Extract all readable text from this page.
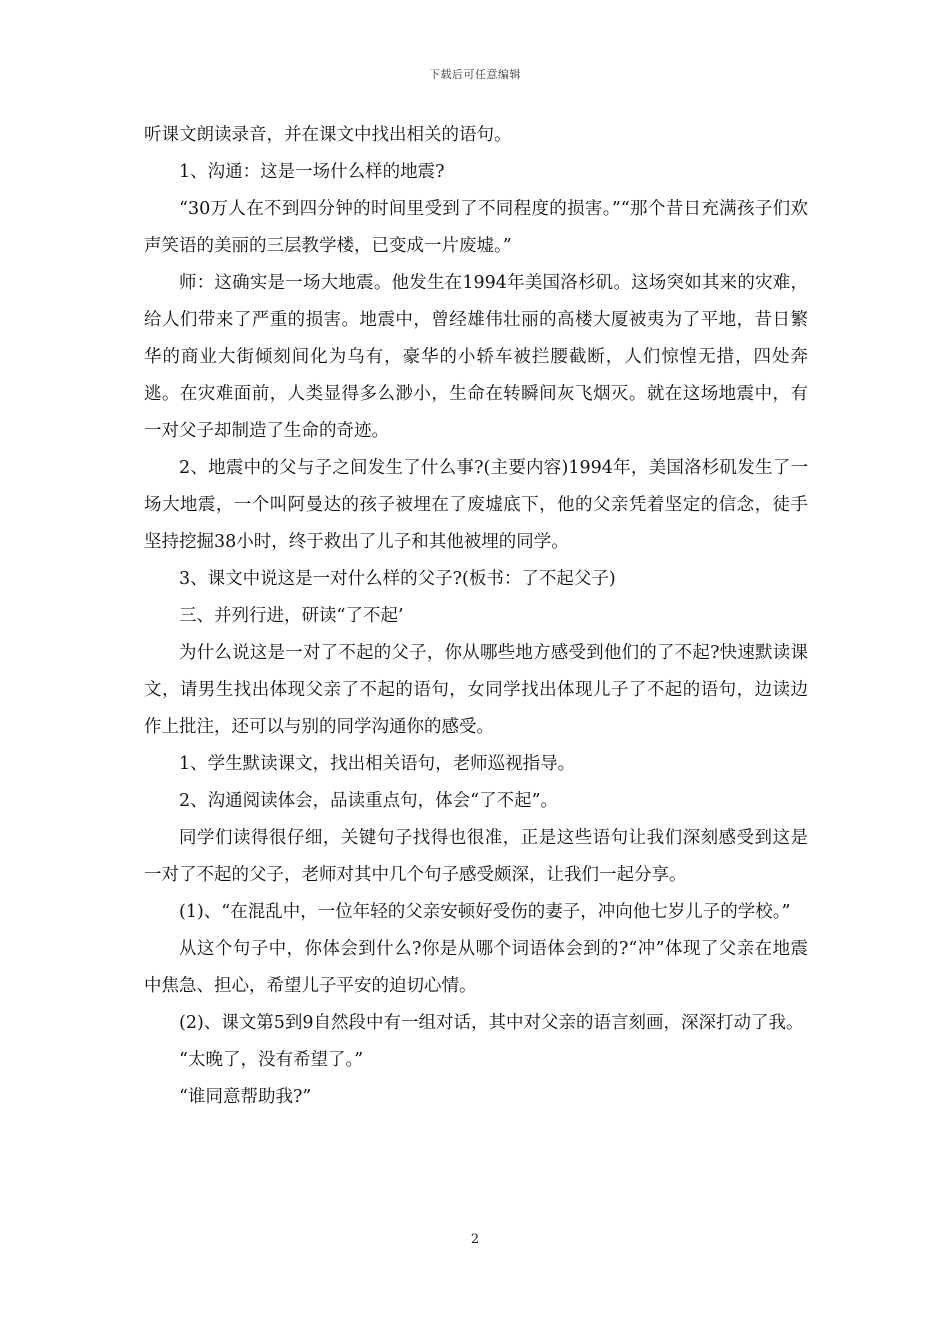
下载后可任意编辑

听课文朗读录音，并在课文中找出相关的语句。

1、沟通：这是一场什么样的地震?

“30万人在不到四分钟的时间里受到了不同程度的损害。”“那个昔日充满孩子们欢声笑语的美丽的三层教学楼，已变成一片废墟。”

师：这确实是一场大地震。他发生在1994年美国洛杉矶。这场突如其来的灾难，给人们带来了严重的损害。地震中，曾经雄伟壮丽的高楼大厦被夷为了平地，昔日繁华的商业大街倾刻间化为乌有，豪华的小轿车被拦腰截断，人们惊惶无措，四处奔逃。在灾难面前，人类显得多么渺小，生命在转瞬间灰飞烟灭。就在这场地震中，有一对父子却制造了生命的奇迹。

2、地震中的父与子之间发生了什么事?(主要内容)1994年，美国洛杉矶发生了一场大地震，一个叫阿曼达的孩子被埋在了废墟底下，他的父亲凭着坚定的信念，徒手坚持挖掘38小时，终于救出了儿子和其他被埋的同学。

3、课文中说这是一对什么样的父子?(板书：了不起父子)

三、并列行进，研读“了不起’

为什么说这是一对了不起的父子，你从哪些地方感受到他们的了不起?快速默读课文，请男生找出体现父亲了不起的语句，女同学找出体现儿子了不起的语句，边读边作上批注，还可以与别的同学沟通你的感受。

1、学生默读课文，找出相关语句，老师巡视指导。

2、沟通阅读体会，品读重点句，体会“了不起”。

同学们读得很仔细，关键句子找得也很准，正是这些语句让我们深刻感受到这是一对了不起的父子，老师对其中几个句子感受颇深，让我们一起分享。

(1)、“在混乱中，一位年轻的父亲安顿好受伤的妻子，冲向他七岁儿子的学校。”

从这个句子中，你体会到什么?你是从哪个词语体会到的?“冲”体现了父亲在地震中焦急、担心，希望儿子平安的迫切心情。

(2)、课文第5到9自然段中有一组对话，其中对父亲的语言刻画，深深打动了我。

“太晚了，没有希望了。”

“谁同意帮助我?”

2
